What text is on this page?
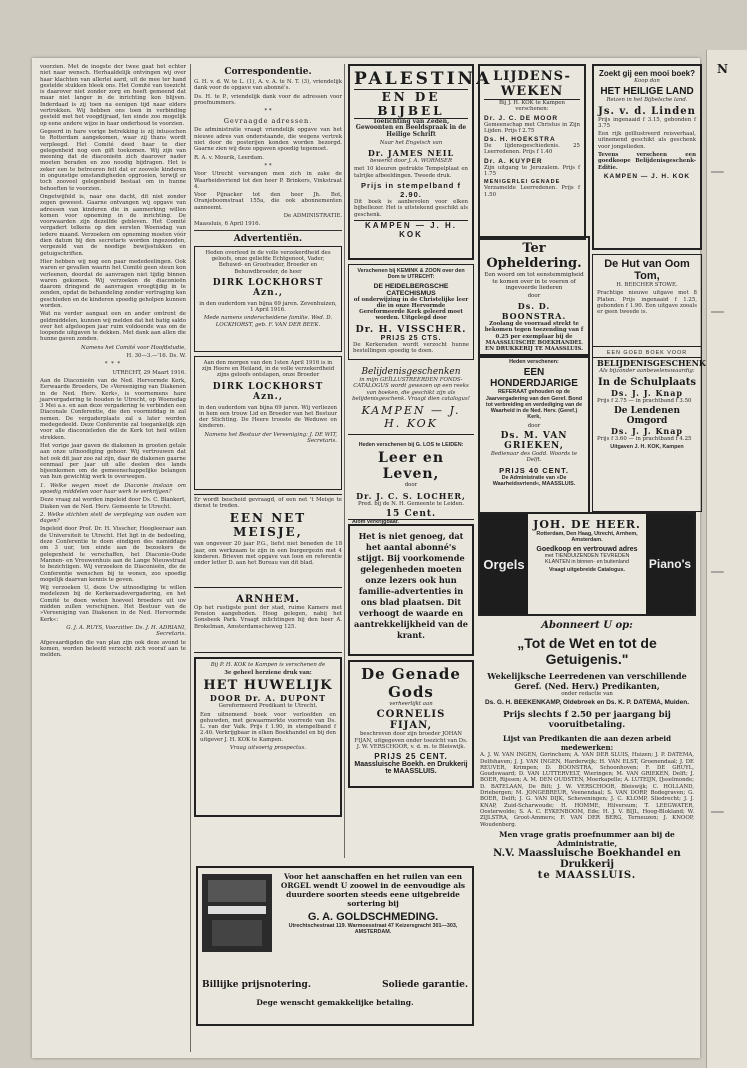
voorzien. Met de inogste der twee gaat het echter niet naar wensch. Herhaaldelijk ontvingen wij over haar klachten van allerlei aard, uit de mee ter hand gestelde stukken bleek ons. Het Comité van toezicht is daarover niet zonder zorg en heeft gemeend dat maar niet langer in de inrichting kon blijven. Inderdaad is zij toen na eenigen tijd naar elders vertrokken. Wij hebben ons toen in verbinding gesteld met het voogdijraad, ten einde zoo mogelijk op eene andere wijze in haar onderhoud te voorzien.

Gegeerd in hare vorige betrekking is zij intusschen te Rotterdam aangekomen, waar zij thans wordt verpleegd. Het Comité deed haar te dier gelegenheid nog een gift toekomen. Wij zijn van meening dat de diaconieën zich daarover nader moeten beraden en zoo noodig bijdragen. Het is zeker een te betreuren feit dat er zoovele kinderen in ongunstige omstandigheden opgroeien, terwijl er toch zooveel gelegenheid bestaat om in hunne behoeften te voorzien.

Ongetwijfeld is, naar ons dacht, dit niet zonder zegen geweest. Gaarne ontvangen wij opgave van adressen van kinderen die in aanmerking willen komen voor opneming in de inrichting. De voorwaarden zijn dezelfde gebleven. Het Comité vergadert telkens op den eersten Woensdag van iedere maand. Verzoeken om opneming moeten vóór dien datum bij den secretaris worden ingezonden, vergezeld van de noodige bewijsstukken en getuigschriften.

Hier hebben wij nog een paar mededeelingen. Ook waren er gevallen waarin het Comité geen steun kon verleenen, doordat de aanvragen niet tijdig binnen waren gekomen. Wij verzoeken de diaconieën daarom dringend de aanvragen vroegtijdig in te zenden, opdat de behandeling zonder vertraging kan geschieden en de kinderen spoedig geholpen kunnen worden.

Wat nu verder aangaat een en ander omtrent de geldmiddelen, kunnen wij melden dat het batig saldo over het afgeloopen jaar ruim voldoende was om de loopende uitgaven te dekken. Met dank aan allen die hunne gaven zonden.

Namens het Comité voor Hoofdstudie,

H. 30—3.—'16. Ds. W.

* * *

UTRECHT, 29 Maart 1916.

Aan de Diaconieën van de Ned. Hervormde Kerk, Eerwaarde Broeders, De »Vereeniging van Diakenen in de Ned. Herv. Kerk«, is voornemens hare jaarvergadering te houden te Utrecht, op Woensdag 3 Mei a.s. en aan deze vergadering te verbinden een Diaconale Conferentie, die den voormiddag in zal nemen. De vergaderplaats zal u later worden medegedeeld. Deze Conferentie zal toegankelijk zijn voor alle diaconieleden die de Kerk tot heil willen strekken.

Het vorige jaar gaven de diakenen in grooten getale aan onze uitnoodiging gehoor. Wij vertrouwen dat het ook dit jaar zoo zal zijn, daar de diakenen gaarne eenmaal per jaar uit alle deelen des lands bijeenkomen om de gemeenschappelijke belangen van hun gewichtig werk te overwegen.

1. Welke wegen moet de Diaconie inslaan om spoedig middelen voor haar werk te verkrijgen?

Deze vraag zal worden ingeleid door Ds. C. Blankert, Diaken van de Ned. Herv. Gemeente te Utrecht.

2. Welke stichten stelt de verpleging van ouden van dagen?

Ingeleid door Prof. Dr. H. Visscher, Hoogleeraar aan de Universiteit te Utrecht. Het ligt in de bedoeling, deze Conferentie te doen eindigen des namiddags om 3 uur, ten einde aan de bezoekers de gelegenheid te verschaffen, het Diaconie-Oude Mannen- en Vrouwenhuis aan de Lange Nieuwstraat te bezichtigen. Wij verzoeken de Diaconieën, die de Conferentie wenschen bij te wonen, zoo spoedig mogelijk daarvan kennis te geven.

Wij verzoeken U, deze Uw uitnoodiging te willen medelezen bij de Kerkeraadsvergadering, en het Comité te doen weten hoeveel broeders uit uw midden zullen verschijnen. Het Bestuur van de »Vereeniging van Diakenen in de Ned. Hervormde Kerk«:

G. J. A. RUYS, Voorzitter. Ds. J. H. ADRIANI, Secretaris.

Afgevaardigden die van plan zijn ook deze avond te komen, worden beleefd verzocht zich vooraf aan te melden.

Correspondentie.

G. H. v. d. W. te L. (1), A. v. A. te N. T. (3), vriendelijk dank voor de opgave van abonné's.

Ds. H. te P., vriendelijk dank voor de adressen voor proefnummers.

* *

Gevraagde adressen.

De administratie vraagt vriendelijk opgave van het nieuwe adres van onderstaande, die wegens vertrek niet door de posterijen konden worden bezorgd. Gaarne zien wij deze opgaven spoedig tegemoet.

R. A. v. Mourik, Leerdam.

* *

Voor Utrecht vervangen men zich in zake de Waarheidsvriend tot den heer P. Brinkers, Vinkstraat 4.

Voor Pijnacker tot den heer Jh. Bot, Oranjeboomstraat 155a, die ook abonnementen aanneemt.

De ADMINISTRATIE.

Maassluis, 6 April 1916.

Advertentiën.

Heden overleed in de volle verzekerdheid des geloofs, onze geliefde Echtgenoot, Vader, Behuwd- en Grootvader, Broeder en Behuwdbroeder, de heer

DIRK LOCKHORST Azn.,

in den ouderdom van bijna 69 jaren. Zevenhuizen, 1 April 1916.

Mede namens onderscheidene familie. Wed. D. LOCKHORST, geb. F. VAN DER BEEK.

Aan den morgen van den 1sten April 1916 is in zijn Heere en Heiland, in de volle verzekerdheid zijns geloofs ontslapen, onze Broeder

DIRK LOCKHORST Azn.,

in den ouderdom van bijna 69 jaren. Wij verliezen in hem een trouw Lid en Broeder van het Bestuur der Stichting. De Heere trooste de Weduwe en kinderen.

Namens het Bestuur der Vereeniging: J. DE WIT, Secretaris.

Er wordt bescheid gevraagd, of een net 't Meisje te dienst te treden.

EEN NET MEISJE,

van ongeveer 20 jaar P.G., liefst niet beneden de 18 jaar, om werkzaam te zijn in een burgergezin met 4 kinderen. Brieven met opgave van loon en referentie onder letter D. aan het Bureau van dit blad.

ARNHEM.

Op het rustigste punt der stad, ruime Kamers met Pension aangeboden. Hoog gelegen, nabij het Sonsbeek Park. Vraagt inlichtingen bij den heer A. Brokelman, Amsterdamscheweg 125.

Bij P. H. KOK te Kampen is verschenen de

3e geheel herziene druk van:

HET HUWELIJK
DOOR Dr. A. DUPONT

Gereformeerd Predikant te Utrecht.

Een uitnemend boek voor verloofden en gehuwden, met gewaarmerkte voorrede van Ds. L. van der Valk. Prijs f 1.90, in stempelband f 2.40. Verkrijgbaar in elken Boekhandel en bij den uitgever J. H. KOK te Kampen.

Vraag uitvoerig prospectus.

PALESTINA
EN DE BIJBEL

Toelichting van Zeden, Gewoonten en Beeldspraak in de Heilige Schrift

Naar het Engelsch van

Dr. JAMES NEIL

bewerkt door J. A. WORMSER

met 10 kleuren gedrukte Tempelplaat en talrijke afbeeldingen. Tweede druk.

Prijs in stempelband f 2.90.

Dit boek is aanbevolen voor elken bijbellezer. Het is uitstekend geschikt als geschenk.

KAMPEN — J. H. KOK

Verschenen bij KEMINK & ZOON over den Dom te UTRECHT:

DE HEIDELBERGSCHE CATECHISMUS

of onderwijzing in de Christelijke leer die in onze Hervormde Gereformeerde Kerk geleerd moet worden. Uitgelegd door

Dr. H. VISSCHER.
PRIJS 25 CTS.

De Kerkeraden wordt verzocht hunne bestellingen spoedig te doen.

Belijdenisgeschenken

in mijn GEÏLLUSTREERDEN FONDS-CATALOGUS wordt gewezen op een reeks van boeken, die geschikt zijn als belijdenisgeschenk. Vraagt dien catalogus!

KAMPEN — J. H. KOK

Heden verschenen bij G. LOS te LEIDEN:

Leer en Leven,

door

Dr. J. C. S. LOCHER,

Pred. bij de N. H. Gemeente te Leiden.

15 Cent.

Alom verkrijgbaar.

Het is niet genoeg, dat het aantal abonné's stijgt. Bij voorkomende gelegenheden moeten onze lezers ook hun familie-advertenties in ons blad plaatsen. Dit verhoogt de waarde en aantrekkelijkheid van de krant.

De Genade Gods

verheerlijkt aan

CORNELIS FIJAN,

beschreven door zijn broeder JOHAN FIJAN, uitgegeven onder toezicht van Ds. J. W. VERSCHOOR, v. d. m. te Bleiswijk.

PRIJS 25 CENT.
Maassluische Boekh. en Drukkerij te MAASSLUIS.
LIJDENS-WEKEN

Bij J. H. KOK te Kampen verschenen:

Dr. J. C. DE MOOR

Gemeenschap met Christus in Zijn Lijden. Prijs f 2.75

Ds. H. HOEKSTRA

De lijdensgeschiedenis. 25 Leerredenen. Prijs f 1.40

Dr. A. KUYPER

Zijn uitgang te Jeruzalem. Prijs f 1.75

MENIGERLEI GENADE

Verzamelde Leerredenen. Prijs f 1.50

Zoekt gij een mooi boek?

Koop dan

HET HEILIGE LAND

Reizen in het Bijbelsche land.

Js. v. d. Linden

Prijs ingenaaid f 3.15, gebonden f 3.75

Een rijk geïllustreerd reisverhaal, uitnemend geschikt als geschenk voor jongelieden.

Tevens verscheen een goedkoope Belijdenisgeschenk-Editie.

KAMPEN — J. H. KOK
De Hut van Oom Tom,

H. BEECHER STOWE.

Prachtige nieuwe uitgave met 8 Platen. Prijs ingenaaid f 1.25, gebonden f 1.90. Een uitgave zooals er geen tweede is.

Ter Opheldering.

Een woord om tot eenstemmigheid te komen over in te voeren of ingevoerde liederen

door

Ds. D. BOONSTRA.

Zoolang de voorraad strekt te bekomen tegen toezending van f 0.25 per exemplaar bij de MAASSLUISCHE BOEKHANDEL EN DRUKKERIJ TE MAASSLUIS.

EEN GOED BOEK VOOR

BELIJDENISGESCHENK

Als bijzonder aanbevelenswaardig:

In de Schulplaats
Ds. J. J. Knap

Prijs f 2.75 — in prachtband f 3.50

De Lendenen Omgord
Ds. J. J. Knap

Prijs f 3.60 — in prachtband f 4.25

Uitgaven J. H. KOK, Kampen

Heden verschenen:

EEN HONDERDJARIGE

REFERAAT gehouden op de Jaarvergadering van den Geref. Bond tot verbreiding en verdediging van de Waarheid in de Ned. Herv. (Geref.) Kerk,

door

Ds. M. VAN GRIEKEN,

Bedienaar des Godd. Woords te Delft.

PRIJS 40 CENT.

De Administratie van »De Waarheidsvriend«, MAASSLUIS.

Orgels	Piano's
JOH. DE HEER.

Rotterdam, Den Haag, Utrecht, Arnhem, Amsterdam.

Goedkoop en vertrouwd adres

met TIENDUIZENDEN TEVREDEN KLANTEN in binnen- en buitenland

Vraagt uitgebreide Catalogus.

Abonneert U op:
„Tot de Wet en tot de Getuigenis."
Wekelijksche Leerredenen van verschillende Geref. (Ned. Herv.) Predikanten,

onder redactie van

Ds. G. H. BEEKENKAMP, Oldebroek en Ds. K. P. DATEMA, Muiden.
Prijs slechts f 2.50 per jaargang bij vooruitbetaling.
Lijst van Predikanten die aan dezen arbeid medewerken:

A. J. W. VAN INGEN, Gorinchem; A. VAN DER SLUIS, Huizen; J. P. DATEMA, Delfshaven; J. J. VAN INGEN, Harderwijk; H. VAN ELST, Groenendaal; J. DE REUVER, Krimpen; D. BOONSTRA, Schoonhoven; F. DE GRUYL, Goudswaard; D. VAN LUTTERVELT, Wieringen; M. VAN GRIEKEN, Delft; J. BOER, Rijssen; A. M. DEN OUDSTEN, Moerkapelle; A. LUTEIJN, IJsselmonde; D. BATELAAN, De Bilt; J. W. VERSCHOOR, Bleiswijk; C. HOLLAND, Driebergen; M. JONGEBREUR, Veenendaal; S. VAN DORP, Bodegraven; G. BOER, Delft; J. G. VAN DIJK, Scheveningen; J. C. KLOMP, Sliedrecht; J. J. KNAP, Zuid-Scharwoude; H. HOMME, Hilversum; T. LEEGWATER, Oosterwolde; S. A. C. EYKENBOOM, Ede; H. J. V. BIJL, Hoog-Blokland; W. ZIJLSTRA, Groot-Ammers; F. VAN DER BERG, Terneuzen; J. KNOOP, Woudenberg.

Men vrage gratis proefnummer aan bij de Administratie,
N.V. Maassluische Boekhandel en Drukkerij
te MAASSLUIS.

Voor het aanschaffen en het ruilen van een ORGEL wendt U zoowel in de eenvoudige als duurdere soorten steeds eene uitgebreide sortering bij

G. A. GOLDSCHMEDING.

Utrechtschestraat 119. Warmoesstraat 47 Keizersgracht 301—303, AMSTERDAM.

Billijke prijsnotering.	Soliede garantie.
Dege wenscht gemakkelijke betaling.
N
═══
═══
═══
═══
